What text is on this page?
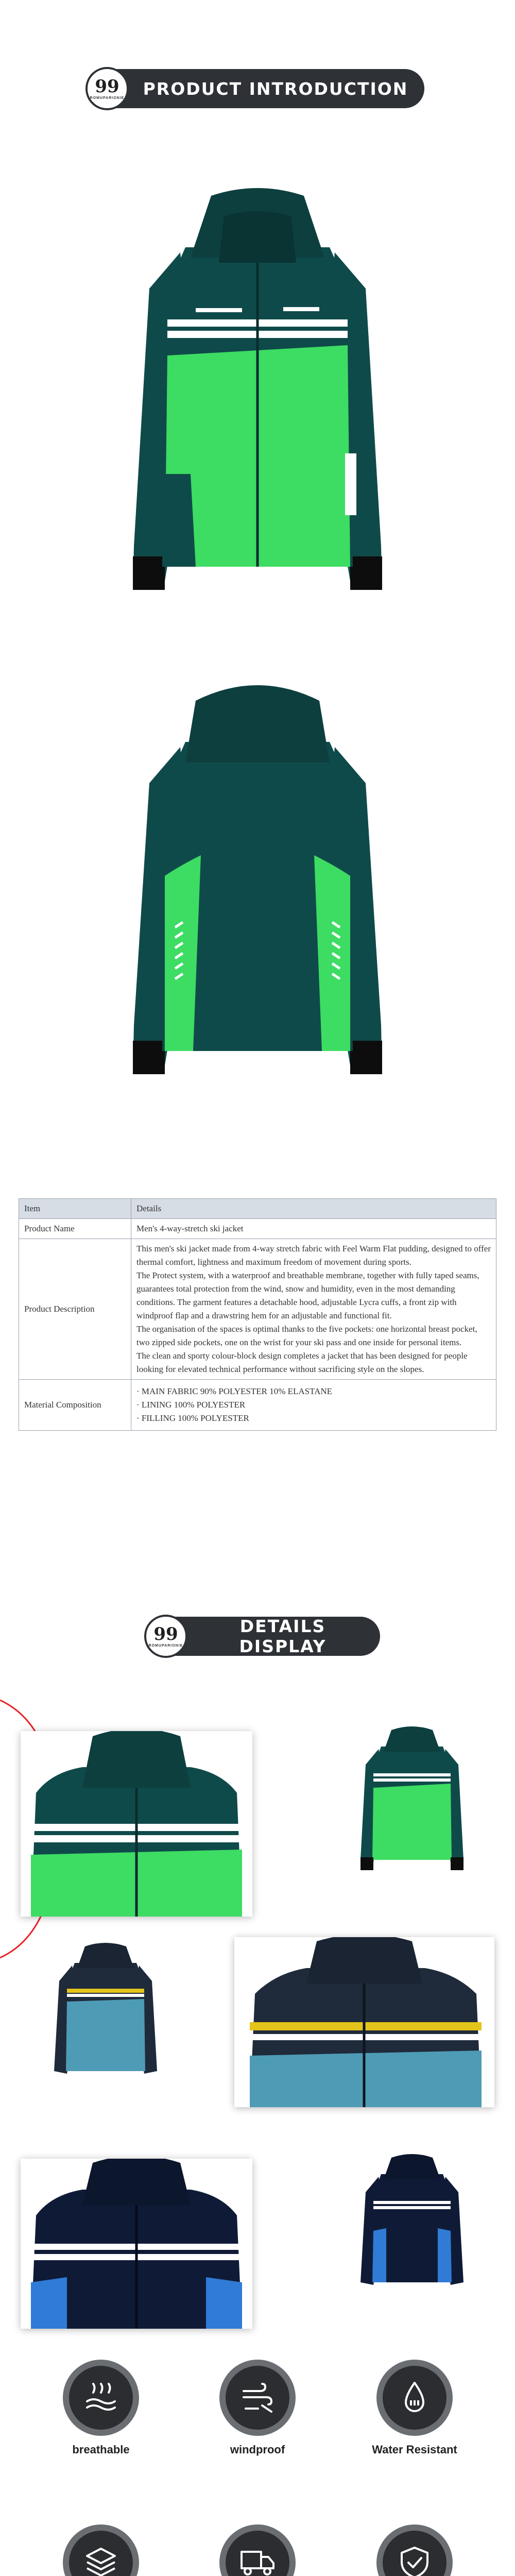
99
ROMUPARIONIE PRODUCT INTRODUCTION
Item	Details
Product Name	Men's 4-way-stretch ski jacket
Product Description	This men's ski jacket made from 4-way stretch fabric with Feel Warm Flat pudding, designed to offer thermal comfort, lightness and maximum freedom of movement during sports.
The Protect system, with a waterproof and breathable membrane, together with fully taped seams, guarantees total protection from the wind, snow and humidity, even in the most demanding conditions. The garment features a detachable hood, adjustable Lycra cuffs, a front zip with windproof flap and a drawstring hem for an adjustable and functional fit.
The organisation of the spaces is optimal thanks to the five pockets: one horizontal breast pocket, two zipped side pockets, one on the wrist for your ski pass and one inside for personal items.
The clean and sporty colour-block design completes a jacket that has been designed for people looking for elevated technical performance without sacrificing style on the slopes.

Material Composition	· MAIN FABRIC 90% POLYESTER 10% ELASTANE
· LINING 100% POLYESTER
· FILLING 100% POLYESTER
99
ROMUPARIONIE
DETAILS DISPLAY
breathable	windproof	Water Resistant
